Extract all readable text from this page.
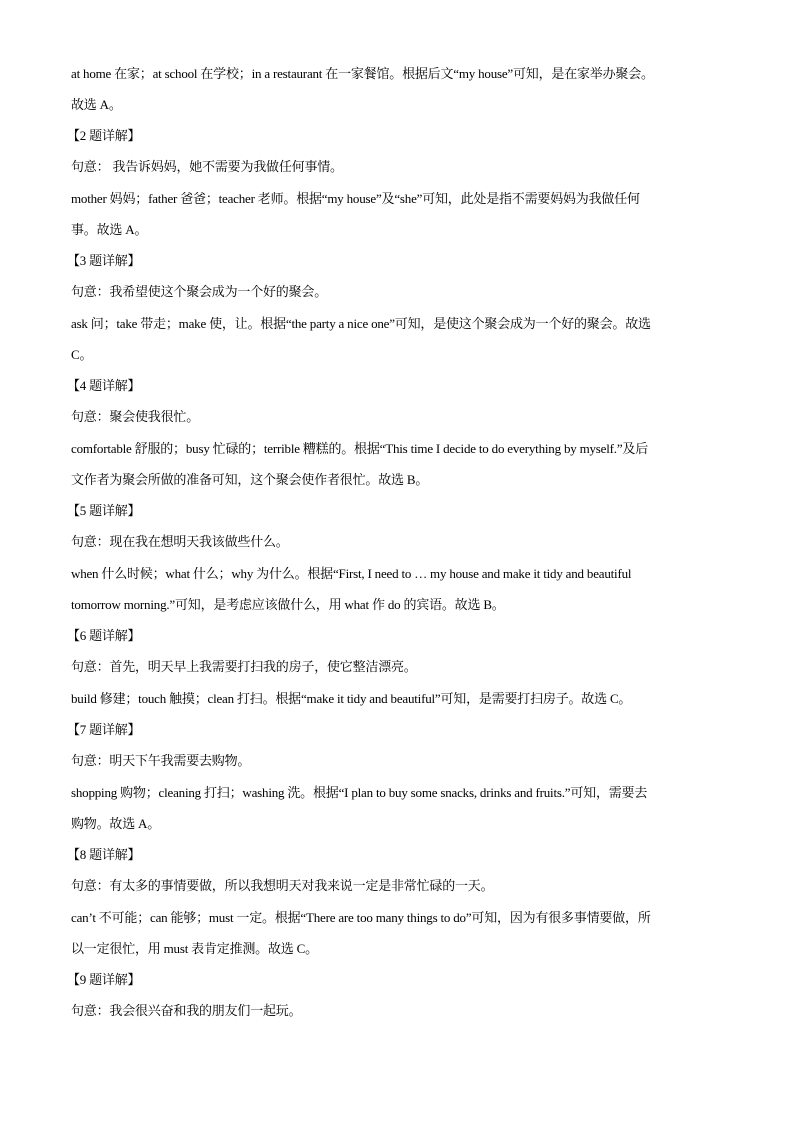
at home 在家；at school 在学校；in a restaurant 在一家餐馆。根据后文“my house”可知，是在家举办聚会。
故选 A。
【2 题详解】
句意： 我告诉妈妈，她不需要为我做任何事情。
mother 妈妈；father 爸爸；teacher 老师。根据“my house”及“she”可知，此处是指不需要妈妈为我做任何
事。故选 A。
【3 题详解】
句意：我希望使这个聚会成为一个好的聚会。
ask 问；take 带走；make 使，让。根据“the party a nice one”可知，是使这个聚会成为一个好的聚会。故选
C。
【4 题详解】
句意：聚会使我很忙。
comfortable 舒服的；busy 忙碌的；terrible 糟糕的。根据“This time I decide to do everything by myself.”及后
文作者为聚会所做的准备可知，这个聚会使作者很忙。故选 B。
【5 题详解】
句意：现在我在想明天我该做些什么。
when 什么时候；what 什么；why 为什么。根据“First, I need to … my house and make it tidy and beautiful
tomorrow morning.”可知，是考虑应该做什么，用 what 作 do 的宾语。故选 B。
【6 题详解】
句意：首先，明天早上我需要打扫我的房子，使它整洁漂亮。
build 修建；touch 触摸；clean 打扫。根据“make it tidy and beautiful”可知，是需要打扫房子。故选 C。
【7 题详解】
句意：明天下午我需要去购物。
shopping 购物；cleaning 打扫；washing 洗。根据“I plan to buy some snacks, drinks and fruits.”可知，需要去
购物。故选 A。
【8 题详解】
句意：有太多的事情要做，所以我想明天对我来说一定是非常忙碌的一天。
can’t 不可能；can 能够；must 一定。根据“There are too many things to do”可知，因为有很多事情要做，所
以一定很忙，用 must 表肯定推测。故选 C。
【9 题详解】
句意：我会很兴奋和我的朋友们一起玩。
